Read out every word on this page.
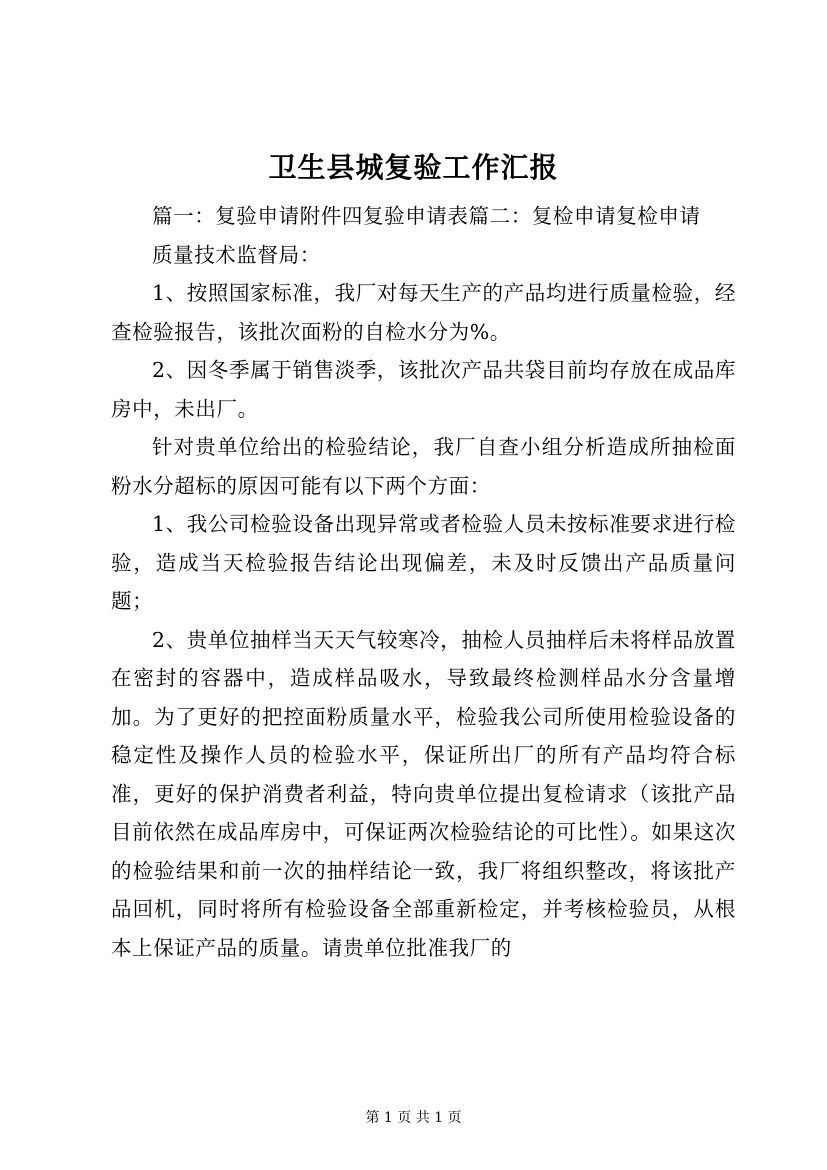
卫生县城复验工作汇报

篇一：复验申请附件四复验申请表篇二：复检申请复检申请

质量技术监督局：

1、按照国家标准，我厂对每天生产的产品均进行质量检验，经查检验报告，该批次面粉的自检水分为%。

2、因冬季属于销售淡季，该批次产品共袋目前均存放在成品库房中，未出厂。

针对贵单位给出的检验结论，我厂自查小组分析造成所抽检面粉水分超标的原因可能有以下两个方面：

1、我公司检验设备出现异常或者检验人员未按标准要求进行检验，造成当天检验报告结论出现偏差，未及时反馈出产品质量问题；

2、贵单位抽样当天天气较寒冷，抽检人员抽样后未将样品放置在密封的容器中，造成样品吸水，导致最终检测样品水分含量增加。为了更好的把控面粉质量水平，检验我公司所使用检验设备的稳定性及操作人员的检验水平，保证所出厂的所有产品均符合标准，更好的保护消费者利益，特向贵单位提出复检请求（该批产品目前依然在成品库房中，可保证两次检验结论的可比性）。如果这次的检验结果和前一次的抽样结论一致，我厂将组织整改，将该批产品回机，同时将所有检验设备全部重新检定，并考核检验员，从根本上保证产品的质量。请贵单位批准我厂的

第 1 页 共 1 页
